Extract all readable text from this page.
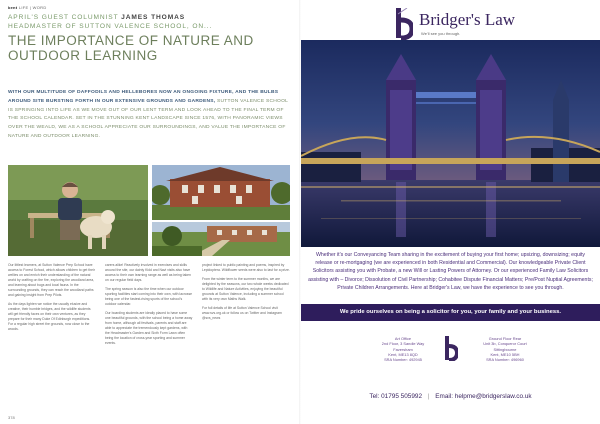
kent LIFE | WORD
APRIL'S GUEST COLUMNIST JAMES THOMAS
HEADMASTER OF SUTTON VALENCE SCHOOL, ON...
THE IMPORTANCE OF NATURE AND OUTDOOR LEARNING
WITH OUR MULTITUDE OF DAFFODILS AND HELLEBORES NOW AN ONGOING FIXTURE, AND THE BULBS AROUND SITE BURSTING FORTH IN OUR EXTENSIVE GROUNDS AND GARDENS, SUTTON VALENCE SCHOOL IS SPRINGING INTO LIFE AS WE MOVE OUT OF OUR LENT TERM AND LOOK AHEAD TO THE FINAL TERM OF THE SCHOOL CALENDAR. SET IN THE STUNNING KENT LANDSCAPE SINCE 1576, WITH PANORAMIC VIEWS OVER THE WEALD, WE AS A SCHOOL APPRECIATE OUR SURROUNDINGS, AND VALUE THE IMPORTANCE OF NATURE AND OUTDOOR LEARNING.

Our littlest learners, at Sutton Valence Prep School have access to Forest School, which allows children to get their wellies on and enrich their understanding of the natural world by crafting on the fire, exploring the woodland area, and learning about bugs and local fauna. In the surrounding grounds, they can reach the woodland paths and gaining insight from Prep Pilots.

As the days lighten we notice the usually elusive and creative, their humble bridges, and the wildlife students will get friendly faces on their own ventures, as they prepare for their many Duke Of Edinburgh expeditions. For a regular high street the grounds, now close to the woods.

carers alike! Reactively involved in exercises and skills around the site, our dainty Kidd and Navi visits also have access to their own learning range as well as being taken on our regular field days.

The spring season is also the time when our outdoor sporting facilities start coming into their own, with lacrosse being one of the fastest-rising sports of the school's outdoor calendar.

Our boarding students are ideally placed to have some one beautiful grounds, with the school being a home away from home, although all festivals, parents and staff are able to appreciate the tremendously kept gardens, with the Headmaster's Garden and Sixth Form Lawn often being the location of cross-year sporting and summer events.

project linked to public painting and poems, inspired by Lepidoptera. Wildflower seeds were also to last for a prize.

From the winter term to the summer months, we are delighted by the seasons, our two whole weeks dedicated to Wildlife and Nature Activities, enjoying the beautiful grounds at Sutton Valence, including a summer school with its very own Maths Walk.

For full details of life at Sutton Valence School visit www.svs.org.uk or follow us on Twitter and Instagram @svs_news

378
Bridger's Law
We'll see you through.
Whether it's our Conveyancing Team sharing in the excitement of buying your first home; upsizing, downsizing; equity release or re-mortgaging (we are experienced in both Residential and Commercial). Our knowledgeable Private Client Solicitors assisting you with Probate, a new Will or Lasting Powers of Attorney. Or our experienced Family Law Solicitors assisting with – Divorce; Dissolution of Civil Partnership; Cohabitee Dispute Financial Matters; Pre/Post Nuptial Agreements; Private Children Arrangements. Here at Bridger's Law, we have the experience to see you through.
We pride ourselves on being a solicitor for you, your family and your business.
Art Office
2nd Floor, 3 Sandle Way
Faversham
Kent, ME13 8QD
SRA Number: 492945
Ground Floor Rear
Unit 3b, Conqueror Court
Sittingbourne
Kent, ME10 5BH
SRA Number: 496960
Tel: 01795 505992 | Email: helpme@bridgerslaw.co.uk
